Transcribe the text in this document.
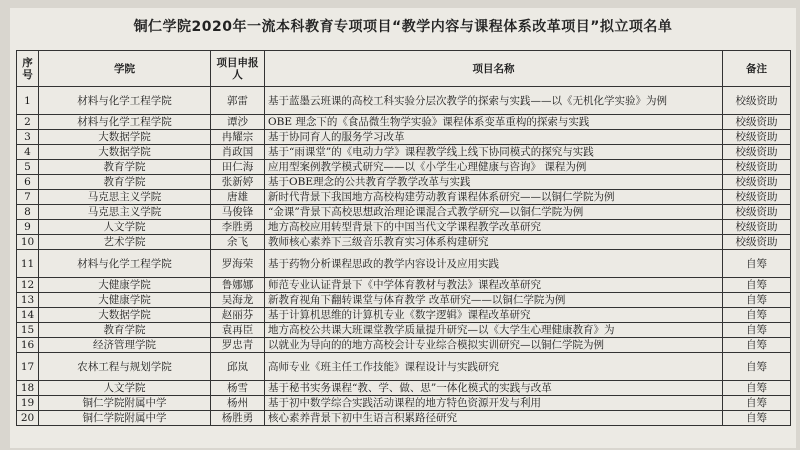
铜仁学院2020年一流本科教育专项项目“教学内容与课程体系改革项目”拟立项名单
序号	学院	项目申报人	项目名称	备注
1	材料与化学工程学院	郭雷	基于蓝墨云班课的高校工科实验分层次教学的探索与实践——以《无机化学实验》为例	校级资助
2	材料与化学工程学院	谭沙	OBE 理念下的《食品微生物学实验》课程体系变革重构的探索与实践	校级资助
3	大数据学院	冉耀宗	基于协同育人的服务学习改革	校级资助
4	大数据学院	肖政国	基于“雨课堂”的《电动力学》课程教学线上线下协同模式的探究与实践	校级资助
5	教育学院	田仁海	应用型案例教学模式研究——以《小学生心理健康与咨询》 课程为例	校级资助
6	教育学院	张新婷	基于OBE理念的公共教育学教学改革与实践	校级资助
7	马克思主义学院	唐雄	新时代背景下我国地方高校构建劳动教育课程体系研究——以铜仁学院为例	校级资助
8	马克思主义学院	马俊锋	“金课”背景下高校思想政治理论课混合式教学研究—以铜仁学院为例	校级资助
9	人文学院	李胜勇	地方高校应用转型背景下的中国当代文学课程教学改革研究	校级资助
10	艺术学院	余飞	教师核心素养下三级音乐教育实习体系构建研究	校级资助
11	材料与化学工程学院	罗海荣	基于药物分析课程思政的教学内容设计及应用实践	自筹
12	大健康学院	鲁娜娜	师范专业认证背景下《中学体育教材与教法》课程改革研究	自筹
13	大健康学院	吴海龙	新教育视角下翻转课堂与体育教学 改革研究——以铜仁学院为例	自筹
14	大数据学院	赵丽芬	基于计算机思维的计算机专业《数字逻辑》课程改革研究	自筹
15	教育学院	袁再臣	地方高校公共课大班课堂教学质量提升研究—以《大学生心理健康教育》为	自筹
16	经济管理学院	罗忠青	以就业为导向的的地方高校会计专业综合模拟实训研究—以铜仁学院为例	自筹
17	农林工程与规划学院	邱岚	高师专业《班主任工作技能》课程设计与实践研究	自筹
18	人文学院	杨雪	基于秘书实务课程“教、学、做、思”一体化模式的实践与改革	自筹
19	铜仁学院附属中学	杨州	基于初中数学综合实践活动课程的地方特色资源开发与利用	自筹
20	铜仁学院附属中学	杨胜勇	核心素养背景下初中生语言积累路径研究	自筹
